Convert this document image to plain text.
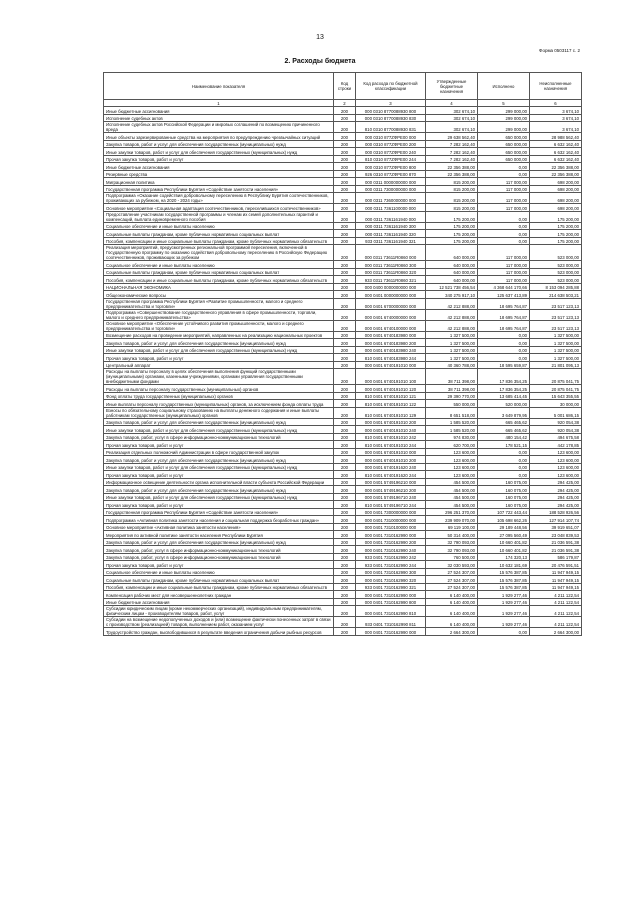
13
Форма 0503117 с. 2
2. Расходы бюджета
Наименование показателя	Код строки	Код расхода по бюджетной классификации	Утвержденные бюджетные назначения	Исполнено	Неисполненные назначения
1	2	3	4	5	6
Иные бюджетные ассигнования	200	000 0310 8770088930 800	302 674,10	299 000,00	3 674,10
Исполнение судебных актов	200	000 0310 8770088930 830	302 674,10	299 000,00	3 674,10
Исполнение судебных актов Российской Федерации и мировых соглашений по возмещению причиненного вреда	200	810 0310 8770088930 831	302 674,10	299 000,00	3 674,10
Иные объекты зарезервированные средства на мероприятия по предупреждению чрезвычайных ситуаций	200	000 0310 877ZФРЕ00 000	29 638 562,40	650 000,00	28 988 562,40
Закупка товаров, работ и услуг для обеспечения государственных (муниципальных) нужд	200	000 0310 877ZФРЕ00 200	7 282 162,40	650 000,00	6 632 162,40
Иные закупки товаров, работ и услуг для обеспечения государственных (муниципальных) нужд	200	000 0310 877ZФРЕ00 240	7 282 162,40	650 000,00	6 632 162,40
Прочая закупка товаров, работ и услуг	200	810 0310 877ZФРЕ00 244	7 282 162,40	650 000,00	6 632 162,40
Иные бюджетные ассигнования	200	000 0310 877ZФРЕ00 800	22 356 388,00	0,00	22 356 388,00
Резервные средства	200	926 0310 877ZФРЕ00 870	22 356 388,00	0,00	22 356 388,00
Миграционная политика	200	000 0311 0000000000 000	815 200,00	117 000,00	698 200,00
Государственная программа Республики Бурятия «Содействие занятости населения»	200	000 0311 7300000000 000	815 200,00	117 000,00	698 200,00
Подпрограмма «Оказание содействия добровольному переселению в Республику Бурятия соотечественников, проживающих за рубежом, на 2020 - 2024 годы»	200	000 0311 7360000000 000	815 200,00	117 000,00	698 200,00
Основное мероприятие «Социальная адаптация соотечественников, переселившихся соотечественников»	200	000 0311 7361100000 000	815 200,00	117 000,00	698 200,00
Предоставление участникам государственной программы и членам их семей дополнительных гарантий и компенсаций, выплата единовременного пособия	200	000 0311 7361161940 000	175 200,00	0,00	175 200,00
Социальное обеспечение и иные выплаты населению	200	000 0311 7361161940 300	175 200,00	0,00	175 200,00
Социальные выплаты гражданам, кроме публичных нормативных социальных выплат	200	000 0311 7361161940 320	175 200,00	0,00	175 200,00
Пособия, компенсации и иные социальные выплаты гражданам, кроме публичных нормативных обязательств	200	933 0311 7361161940 321	175 200,00	0,00	175 200,00
Реализация мероприятий, предусмотренных региональной программой переселения, включенной в Государственную программу по оказанию содействия добровольному переселению в Российскую Федерацию соотечественников, проживающих за рубежом	200	000 0311 73611R0860 000	640 000,00	117 000,00	523 000,00
Социальное обеспечение и иные выплаты населению	200	000 0311 73611R0860 300	640 000,00	117 000,00	523 000,00
Социальные выплаты гражданам, кроме публичных нормативных социальных выплат	200	000 0311 73611R0860 320	640 000,00	117 000,00	523 000,00
Пособия, компенсации и иные социальные выплаты гражданам, кроме публичных нормативных обязательств	200	933 0311 73611R0860 321	640 000,00	117 000,00	523 000,00
НАЦИОНАЛЬНАЯ ЭКОНОМИКА	200	000 0400 0000000000 000	12 521 738 456,54	4 368 644 170,66	8 153 094 285,88
Общеэкономические вопросы	200	000 0401 0000000000 000	340 275 917,10	125 637 413,89	214 638 503,21
Государственная программа Республики Бурятия «Развитие промышленности, малого и среднего предпринимательства и торговли»	200	000 0401 6700000000 000	42 212 888,00	18 695 764,87	23 517 123,13
Подпрограмма «Совершенствование государственного управления в сфере промышленности, торговли, малого и среднего предпринимательства»	200	000 0401 6740000000 000	42 212 888,00	18 695 764,87	23 517 123,13
Основное мероприятие «Обеспечение устойчивого развития промышленности, малого и среднего предпринимательства и торговли»	200	000 0401 6740100000 000	42 212 888,00	18 695 764,87	23 517 123,13
Возмещение расходов на проведение мероприятий, направленных на реализацию национальных проектов	200	000 0401 6740183980 000	1 327 500,00	0,00	1 327 500,00
Закупка товаров, работ и услуг для обеспечения государственных (муниципальных) нужд	200	000 0401 6740183980 200	1 327 500,00	0,00	1 327 500,00
Иные закупки товаров, работ и услуг для обеспечения государственных (муниципальных) нужд	200	000 0401 6740183980 240	1 327 500,00	0,00	1 327 500,00
Прочая закупка товаров, работ и услуг	200	810 0401 6740183980 244	1 327 500,00	0,00	1 327 500,00
Центральный аппарат	200	000 0401 6740191010 000	40 360 788,00	18 595 659,87	21 801 095,13
Расходы на выплаты персоналу в целях обеспечения выполнения функций государственными (муниципальными) органами, казенными учреждениями, органами управления государственными внебюджетными фондами	200	000 0401 6740191010 100	38 711 398,00	17 836 354,25	20 875 041,75
Расходы на выплаты персоналу государственных (муниципальных) органов	200	000 0401 6740191010 120	38 711 398,00	17 836 354,25	20 875 041,75
Фонд оплаты труда государственных (муниципальных) органов	200	810 0401 6740191010 121	29 390 770,00	13 685 414,45	15 643 355,55
Иные выплаты персоналу государственных (муниципальных) органов, за исключением фонда оплаты труда	200	810 0401 6740191010 122	550 000,00	520 000,00	30 000,00
Взносы по обязательному социальному страхованию на выплаты денежного содержания и иные выплаты работникам государственных (муниципальных) органов	200	810 0401 6740191010 129	8 651 518,00	3 649 879,95	5 001 686,15
Закупка товаров, работ и услуг для обеспечения государственных (муниципальных) нужд	200	000 0401 6740191010 200	1 585 520,00	665 465,62	920 054,38
Иные закупки товаров, работ и услуг для обеспечения государственных (муниципальных) нужд	200	000 0401 6740191010 240	1 585 520,00	665 465,62	920 054,38
Закупка товаров, работ, услуг в сфере информационно-коммуникационных технологий	200	810 0401 6740191010 242	974 830,00	480 154,42	494 675,58
Прочая закупка товаров, работ и услуг	200	810 0401 6740191010 244	620 700,00	178 521,15	442 178,85
Реализация отдельных полномочий Администрации в сфере государственной закупок	200	000 0401 6740191010 000	123 600,00	0,00	123 600,00
Закупка товаров, работ и услуг для обеспечения государственных (муниципальных) нужд	200	000 0401 6740191010 200	123 600,00	0,00	123 600,00
Иные закупки товаров, работ и услуг для обеспечения государственных (муниципальных) нужд	200	000 0401 6740191620 240	123 600,00	0,00	123 600,00
Прочая закупка товаров, работ и услуг	200	810 0401 6740191620 244	123 600,00	0,00	123 600,00
Информационное освещение деятельности органа исполнительной власти субъекта Российской Федерации	200	000 0401 5749196210 000	454 500,00	160 075,00	294 425,00
Закупка товаров, работ и услуг для обеспечения государственных (муниципальных) нужд	200	000 0401 5749196210 200	454 500,00	160 075,00	294 425,00
Иные закупки товаров, работ и услуг для обеспечения государственных (муниципальных) нужд	200	000 0401 5749196710 240	454 500,00	160 075,00	294 425,00
Прочая закупка товаров, работ и услуг	200	810 0401 5749196710 244	454 500,00	160 075,00	294 425,00
Государственная программа Республики Бурятия «Содействие занятости населения»	200	000 0401 7300000000 000	296 251 370,00	107 722 443,44	188 528 926,56
Подпрограмма «Активная политика занятости населения и социальная поддержка безработных граждан»	200	000 0401 7310000000 000	239 909 070,00	105 698 662,26	127 914 107,74
Основное мероприятие «Активная политика занятости населения»	200	000 0401 7310100000 000	69 119 100,00	29 189 448,56	39 919 651,07
Мероприятия по активной политике занятости населения Республики Бурятия	200	000 0401 7310162990 000	50 314 400,00	27 095 560,49	23 048 839,53
Закупка товаров, работ и услуг для обеспечения государственных (муниципальных) нужд	200	000 0401 7310162990 200	32 790 093,00	10 660 401,82	21 036 591,38
Закупка товаров, работ, услуг в сфере информационно-коммуникационных технологий	200	000 0401 7310162990 240	32 790 093,00	10 660 401,82	21 036 591,38
Закупка товаров, работ, услуг в сфере информационно-коммуникационных технологий	200	933 0401 7310162990 242	760 500,00	174 320,13	586 179,87
Прочая закупка товаров, работ и услуг	200	933 0401 7310162990 244	32 030 593,00	10 632 181,69	20 476 591,51
Социальное обеспечение и иные выплаты населению	200	000 0401 7310162990 300	27 524 307,00	15 576 387,85	11 947 949,15
Социальные выплаты гражданам, кроме публичных нормативных социальных выплат	200	000 0401 7310162990 320	27 524 307,00	15 576 387,85	11 947 949,15
Пособия, компенсации и иные социальные выплаты гражданам, кроме публичных нормативных обязательств	200	933 0401 7310162990 321	27 524 307,00	15 576 387,85	11 947 949,15
Компенсация рабочих мест для несовершеннолетних граждан	200	000 0401 7310162990 000	6 140 400,00	1 929 277,46	4 211 122,54
Иные бюджетные ассигнования	200	000 0401 7310162990 800	6 140 400,00	1 929 277,46	4 211 122,54
Субсидии юридическим лицам (кроме некоммерческих организаций), индивидуальным предпринимателям, физическим лицам - производителям товаров, работ, услуг	200	000 0401 7310162990 810	6 140 400,00	1 929 277,46	4 211 122,54
Субсидии на возмещение недополученных доходов и (или) возмещение фактически понесенных затрат в связи с производством (реализацией) товаров, выполнением работ, оказанием услуг	200	933 0401 7310162990 811	6 140 400,00	1 929 277,46	4 211 122,54
Трудоустройство граждан, высвободившихся в результате введения ограничения добычи рыбных ресурсов	200	000 0401 7310162990 000	2 664 300,00	0,00	2 664 300,00
